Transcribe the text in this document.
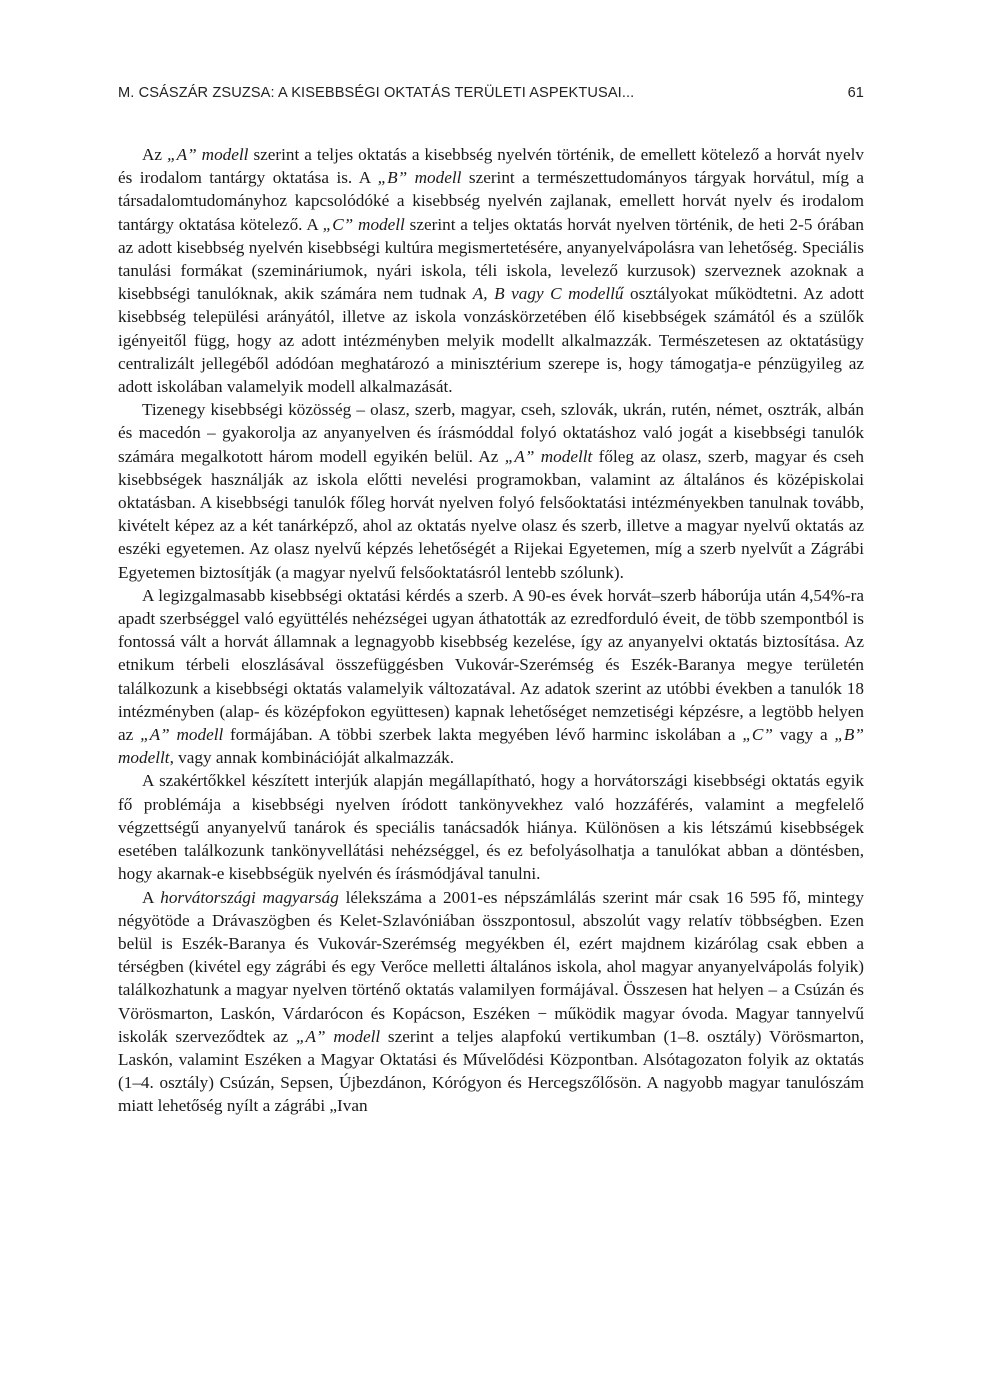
M. CSÁSZÁR ZSUZSA: A KISEBBSÉGI OKTATÁS TERÜLETI ASPEKTUSAI...	61

Az „A” modell szerint a teljes oktatás a kisebbség nyelvén történik, de emellett kötelező a horvát nyelv és irodalom tantárgy oktatása is. A „B” modell szerint a természettudományos tárgyak horvátul, míg a társadalomtudományhoz kapcsolódóké a kisebbség nyelvén zajlanak, emellett horvát nyelv és irodalom tantárgy oktatása kötelező. A „C” modell szerint a teljes oktatás horvát nyelven történik, de heti 2-5 órában az adott kisebbség nyelvén kisebbségi kultúra megismertetésére, anyanyelvápolásra van lehetőség. Speciális tanulási formákat (szemináriumok, nyári iskola, téli iskola, levelező kurzusok) szerveznek azoknak a kisebbségi tanulóknak, akik számára nem tudnak A, B vagy C modellű osztályokat működtetni. Az adott kisebbség települési arányától, illetve az iskola vonzáskörzetében élő kisebbségek számától és a szülők igényeitől függ, hogy az adott intézményben melyik modellt alkalmazzák. Természetesen az oktatásügy centralizált jellegéből adódóan meghatározó a minisztérium szerepe is, hogy támogatja-e pénzügyileg az adott iskolában valamelyik modell alkalmazását.

Tizenegy kisebbségi közösség – olasz, szerb, magyar, cseh, szlovák, ukrán, rutén, német, osztrák, albán és macedón – gyakorolja az anyanyelven és írásmóddal folyó oktatáshoz való jogát a kisebbségi tanulók számára megalkotott három modell egyikén belül. Az „A” modellt főleg az olasz, szerb, magyar és cseh kisebbségek használják az iskola előtti nevelési programokban, valamint az általános és középiskolai oktatásban. A kisebbségi tanulók főleg horvát nyelven folyó felsőoktatási intézményekben tanulnak tovább, kivételt képez az a két tanárképző, ahol az oktatás nyelve olasz és szerb, illetve a magyar nyelvű oktatás az eszéki egyetemen. Az olasz nyelvű képzés lehetőségét a Rijekai Egyetemen, míg a szerb nyelvűt a Zágrábi Egyetemen biztosítják (a magyar nyelvű felsőoktatásról lentebb szólunk).

A legizgalmasabb kisebbségi oktatási kérdés a szerb. A 90-es évek horvát–szerb háborúja után 4,54%-ra apadt szerbséggel való együttélés nehézségei ugyan áthatották az ezredforduló éveit, de több szempontból is fontossá vált a horvát államnak a legnagyobb kisebbség kezelése, így az anyanyelvi oktatás biztosítása. Az etnikum térbeli eloszlásával összefüggésben Vukovár-Szerémség és Eszék-Baranya megye területén találkozunk a kisebbségi oktatás valamelyik változatával. Az adatok szerint az utóbbi években a tanulók 18 intézményben (alap- és középfokon együttesen) kapnak lehetőséget nemzetiségi képzésre, a legtöbb helyen az „A” modell formájában. A többi szerbek lakta megyében lévő harminc iskolában a „C” vagy a „B” modellt, vagy annak kombinációját alkalmazzák.

A szakértőkkel készített interjúk alapján megállapítható, hogy a horvátországi kisebbségi oktatás egyik fő problémája a kisebbségi nyelven íródott tankönyvekhez való hozzáférés, valamint a megfelelő végzettségű anyanyelvű tanárok és speciális tanácsadók hiánya. Különösen a kis létszámú kisebbségek esetében találkozunk tankönyvellátási nehézséggel, és ez befolyásolhatja a tanulókat abban a döntésben, hogy akarnak-e kisebbségük nyelvén és írásmódjával tanulni.

A horvátországi magyarság lélekszáma a 2001-es népszámlálás szerint már csak 16 595 fő, mintegy négyötöde a Drávaszögben és Kelet-Szlavóniában összpontosul, abszolút vagy relatív többségben. Ezen belül is Eszék-Baranya és Vukovár-Szerémség megyékben él, ezért majdnem kizárólag csak ebben a térségben (kivétel egy zágrábi és egy Verőce melletti általános iskola, ahol magyar anyanyelvápolás folyik) találkozhatunk a magyar nyelven történő oktatás valamilyen formájával. Összesen hat helyen – a Csúzán és Vörösmarton, Laskón, Várdarócon és Kopácson, Eszéken − működik magyar óvoda. Magyar tannyelvű iskolák szerveződtek az „A” modell szerint a teljes alapfokú vertikumban (1–8. osztály) Vörösmarton, Laskón, valamint Eszéken a Magyar Oktatási és Művelődési Központban. Alsótagozaton folyik az oktatás (1–4. osztály) Csúzán, Sepsen, Újbezdánon, Kórógyon és Hercegszőlősön. A nagyobb magyar tanulószám miatt lehetőség nyílt a zágrábi „Ivan
